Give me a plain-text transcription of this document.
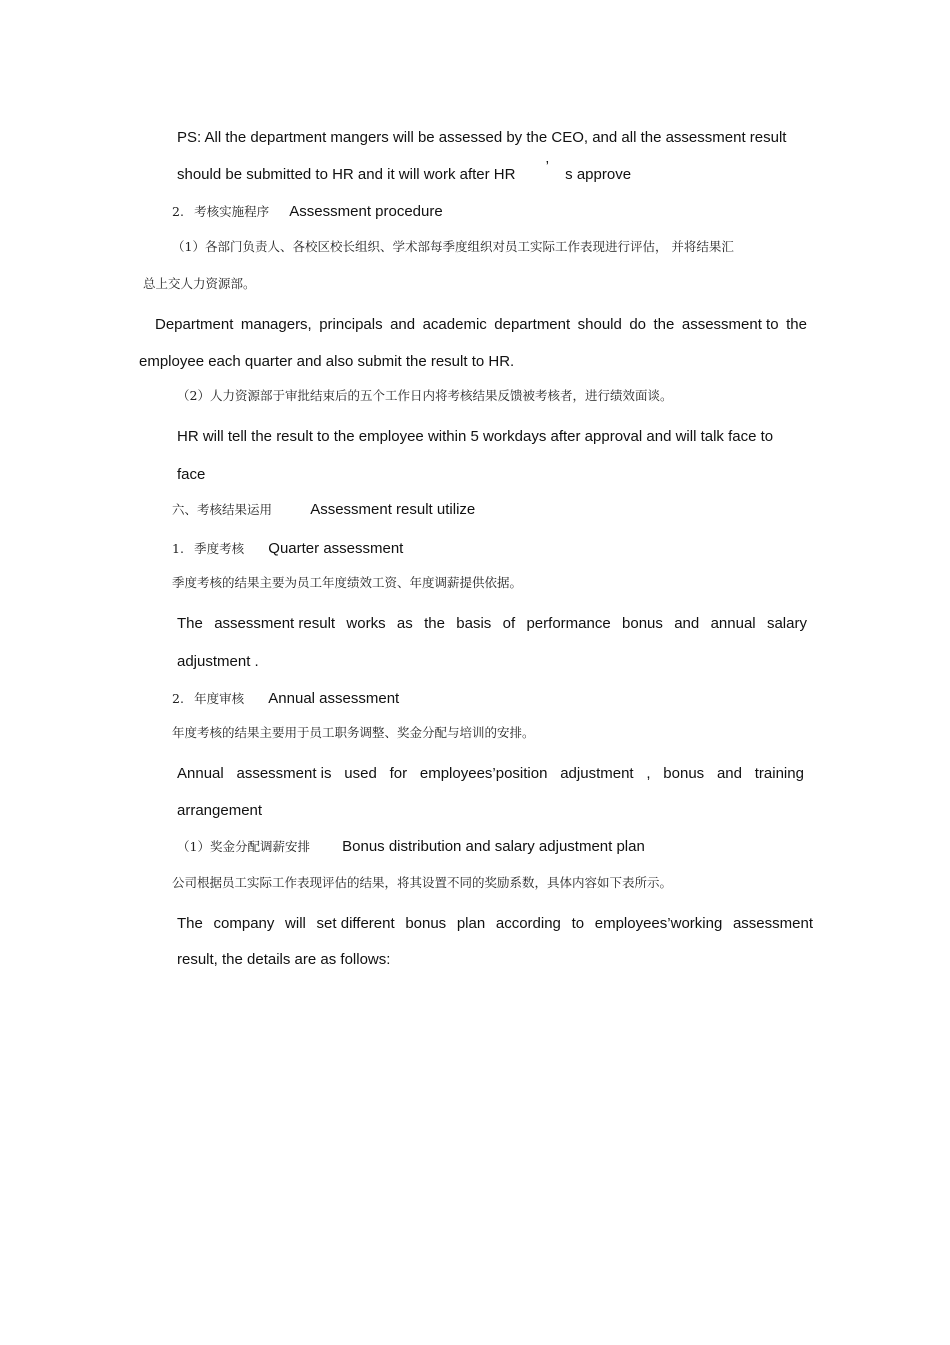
PS: All the department mangers will be assessed by the CEO, and all the assessment result
should be submitted to HR and it will work after HR ’ s approve
2. 考核实施程序 Assessment procedure
（1）各部门负责人、各校区校长组织、学术部每季度组织对员工实际工作表现进行评估， 并将结果汇
总上交人力资源部。
Department managers, principals and academic department should do the assessment to the
employee each quarter and also submit the result to HR.
（2）人力资源部于审批结束后的五个工作日内将考核结果反馈被考核者，进行绩效面谈。
HR will tell the result to the employee within 5 workdays after approval and will talk face to
face
六、考核结果运用	Assessment result utilize
1. 季度考核 Quarter assessment
季度考核的结果主要为员工年度绩效工资、年度调薪提供依据。
The assessment result works as the basis of performance bonus and annual salary
adjustment .
2. 年度审核 Annual assessment
年度考核的结果主要用于员工职务调整、奖金分配与培训的安排。
Annual assessment is used for employees’position adjustment , bonus and training
arrangement
（1）奖金分配调薪安排 Bonus distribution and salary adjustment plan
公司根据员工实际工作表现评估的结果，将其设置不同的奖励系数，具体内容如下表所示。
The company will set different bonus plan according to employees’working assessment
result, the details are as follows:
